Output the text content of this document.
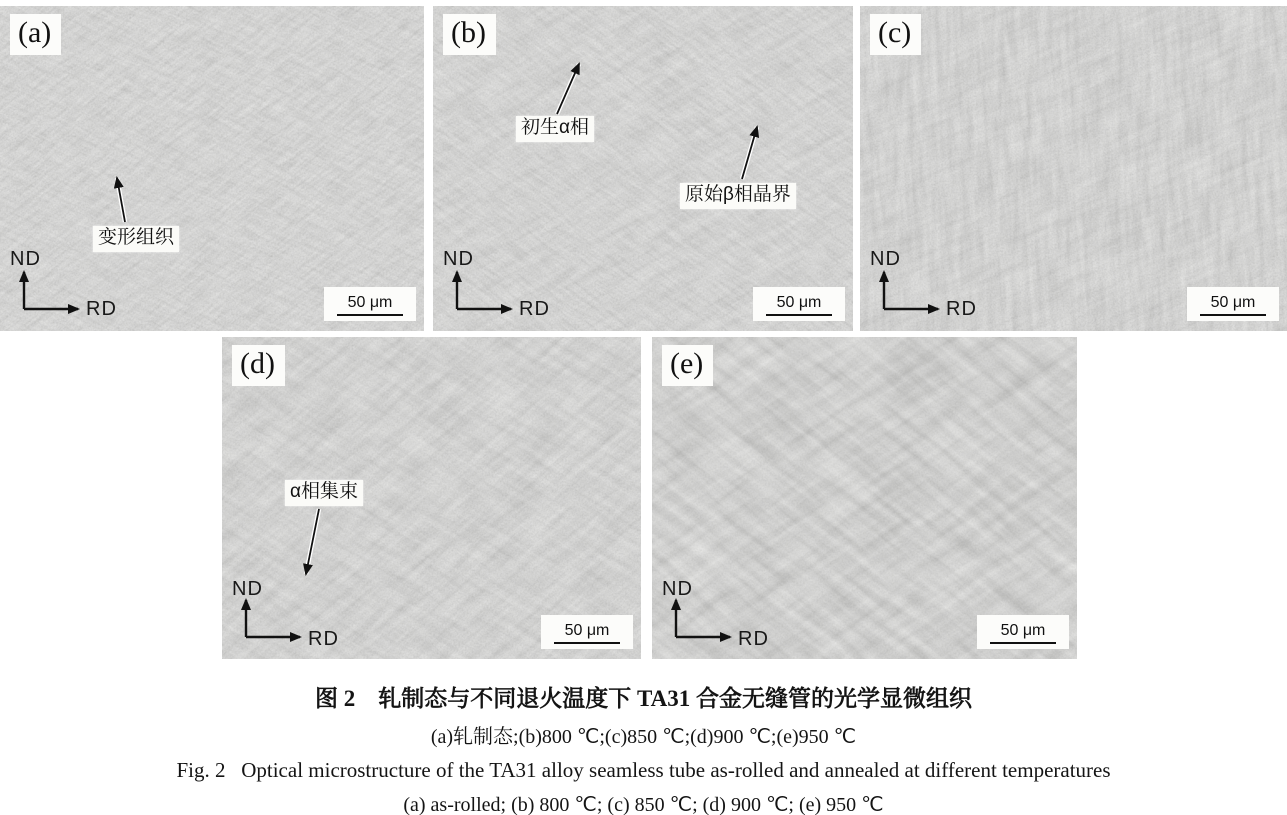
(a)
变形组织
ND
RD	50 μm
(b)
初生α相
原始β相晶界
ND
RD	50 μm
(c)
ND
RD	50 μm
(d)
α相集束
ND
RD	50 μm
(e)
ND
RD	50 μm
图 2　轧制态与不同退火温度下 TA31 合金无缝管的光学显微组织
(a)轧制态;(b)800 ℃;(c)850 ℃;(d)900 ℃;(e)950 ℃
Fig. 2   Optical microstructure of the TA31 alloy seamless tube as-rolled and annealed at different temperatures
(a) as-rolled; (b) 800 ℃; (c) 850 ℃; (d) 900 ℃; (e) 950 ℃
